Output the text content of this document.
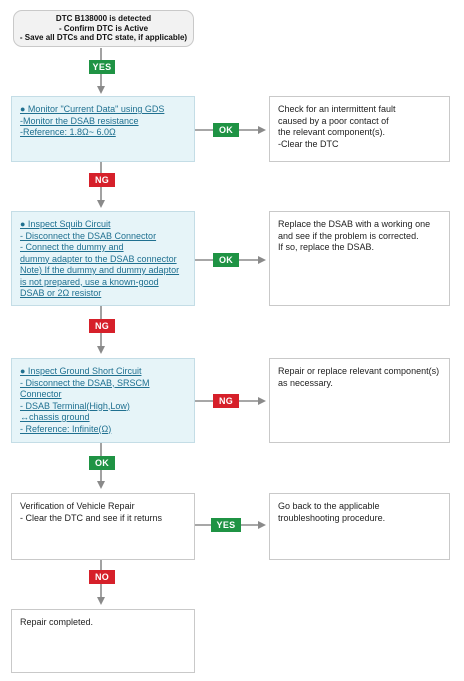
DTC B138000 is detected
- Confirm DTC is Active
- Save all DTCs and DTC state, if applicable)
YES
● Monitor "Current Data" using GDS
-Monitor the DSAB resistance
-Reference: 1.8Ω~ 6.0Ω	OK
Check for an intermittent fault
caused by a poor contact of
the relevant component(s).
-Clear the DTC
NG
● Inspect Squib Circuit
- Disconnect the DSAB Connector
- Connect the dummy and
dummy adapter to the DSAB connector
Note) If the dummy and dummy adaptor
is not prepared, use a known-good
DSAB or 2Ω resistor
OK
Replace the DSAB with a working one
and see if the problem is corrected.
If so, replace the DSAB.
NG
● Inspect Ground Short Circuit
- Disconnect the DSAB, SRSCM
Connector
- DSAB Terminal(High,Low)
↔chassis ground
- Reference: Infinite(Ω)
NG
Repair or replace relevant component(s)
as necessary.
OK
Verification of Vehicle Repair
- Clear the DTC and see if it returns
YES
Go back to the applicable
troubleshooting procedure.
NO
Repair completed.
